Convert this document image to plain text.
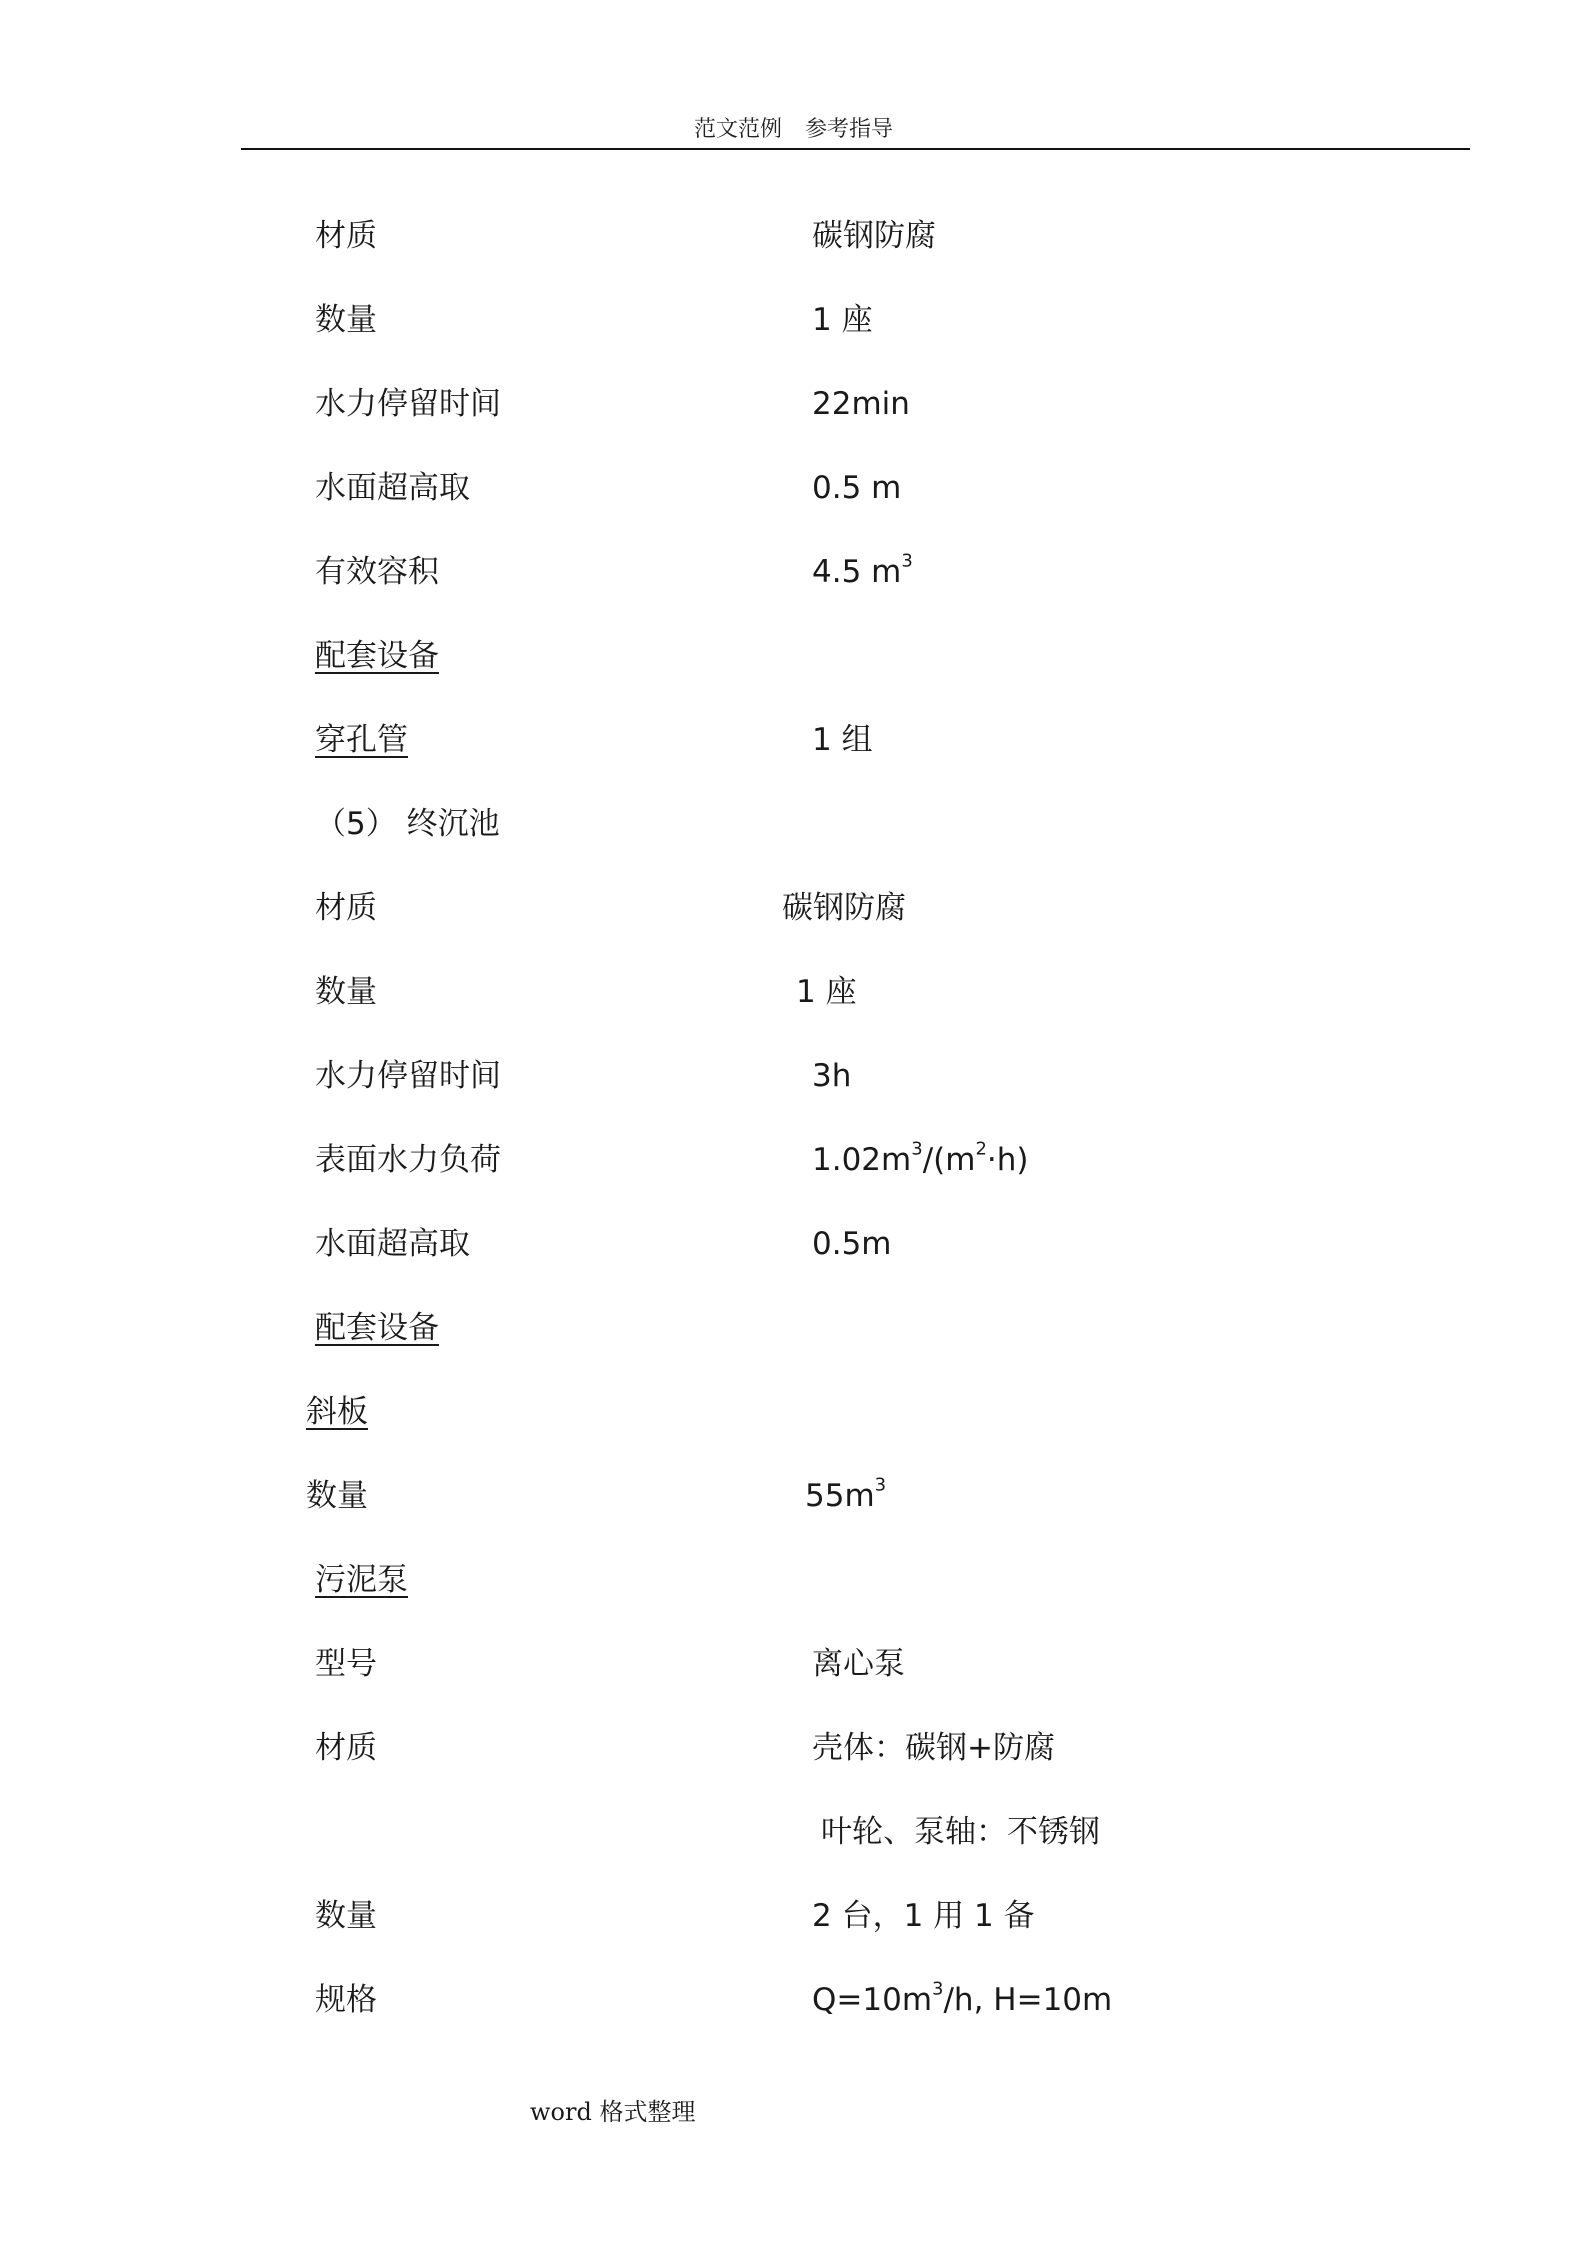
范文范例 参考指导
材质	碳钢防腐
数量	1 座
水力停留时间	22min
水面超高取	0.5 m
有效容积	4.5 $m^3$
配套设备
穿孔管	1 组
（5） 终沉池
材质	碳钢防腐
数量	1 座
水力停留时间	3h
表面水力负荷	$1.02m^3/(m^2\cdot h)$
水面超高取	0.5m
配套设备
斜板
数量	$55m^3$
污泥泵
型号	离心泵
材质	壳体：碳钢+防腐
叶轮、泵轴：不锈钢
数量	2 台，1 用 1 备
规格	$Q=10m^3/h$, H=10m
word 格式整理
